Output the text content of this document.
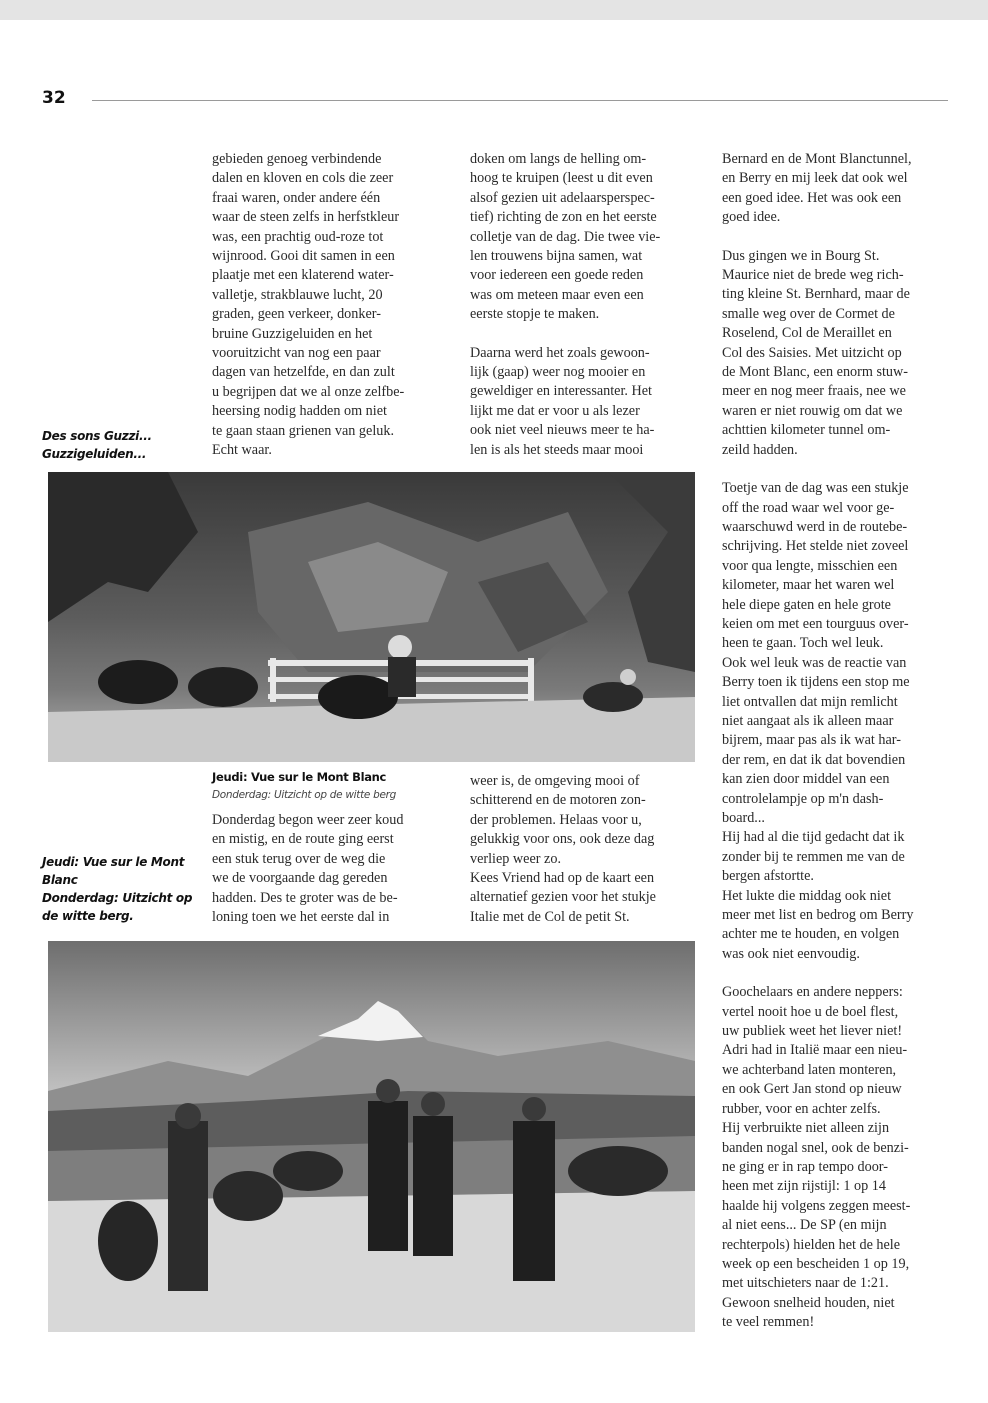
32
Des sons Guzzi...
Guzzigeluiden...

gebieden genoeg verbindende
dalen en kloven en cols die zeer
fraai waren, onder andere één
waar de steen zelfs in herfstkleur
was, een prachtig oud-roze tot
wijnrood. Gooi dit samen in een
plaatje met een klaterend water-
valletje, strakblauwe lucht, 20
graden, geen verkeer, donker-
bruine Guzzigeluiden en het
vooruitzicht van nog een paar
dagen van hetzelfde, en dan zult
u begrijpen dat we al onze zelfbe-
heersing nodig hadden om niet
te gaan staan grienen van geluk.
Echt waar.

doken om langs de helling om-
hoog te kruipen (leest u dit even
alsof gezien uit adelaarsperspec-
tief) richting de zon en het eerste
colletje van de dag. Die twee vie-
len trouwens bijna samen, wat
voor iedereen een goede reden
was om meteen maar even een
eerste stopje te maken.

Daarna werd het zoals gewoon-
lijk (gaap) weer nog mooier en
geweldiger en interessanter. Het
lijkt me dat er voor u als lezer
ook niet veel nieuws meer te ha-
len is als het steeds maar mooi

Bernard en de Mont Blanctunnel,
en Berry en mij leek dat ook wel
een goed idee. Het was ook een
goed idee.

Dus gingen we in Bourg St.
Maurice niet de brede weg rich-
ting kleine St. Bernhard, maar de
smalle weg over de Cormet de
Roselend, Col de Meraillet en
Col des Saisies. Met uitzicht op
de Mont Blanc, een enorm stuw-
meer en nog meer fraais, nee we
waren er niet rouwig om dat we
achttien kilometer tunnel om-
zeild hadden.

Toetje van de dag was een stukje
off the road waar wel voor ge-
waarschuwd werd in de routebe-
schrijving. Het stelde niet zoveel
voor qua lengte, misschien een
kilometer, maar het waren wel
hele diepe gaten en hele grote
keien om met een tourguus over-
heen te gaan. Toch wel leuk.
Ook wel leuk was de reactie van
Berry toen ik tijdens een stop me
liet ontvallen dat mijn remlicht
niet aangaat als ik alleen maar
bijrem, maar pas als ik wat har-
der rem, en dat ik dat bovendien
kan zien door middel van een
controlelampje op m'n dash-
board...
Hij had al die tijd gedacht dat ik
zonder bij te remmen me van de
bergen afstortte.
Het lukte die middag ook niet
meer met list en bedrog om Berry
achter me te houden, en volgen
was ook niet eenvoudig.

Goochelaars en andere neppers:
vertel nooit hoe u de boel flest,
uw publiek weet het liever niet!
Adri had in Italië maar een nieu-
we achterband laten monteren,
en ook Gert Jan stond op nieuw
rubber, voor en achter zelfs.
Hij verbruikte niet alleen zijn
banden nogal snel, ook de benzi-
ne ging er in rap tempo door-
heen met zijn rijstijl: 1 op 14
haalde hij volgens zeggen meest-
al niet eens... De SP (en mijn
rechterpols) hielden het de hele
week op een bescheiden 1 op 19,
met uitschieters naar de 1:21.
Gewoon snelheid houden, niet
te veel remmen!

Jeudi: Vue sur le Mont Blanc
Donderdag: Uitzicht op de witte berg
Jeudi: Vue sur le Mont
Blanc
Donderdag: Uitzicht op
de witte berg.

Donderdag begon weer zeer koud
en mistig, en de route ging eerst
een stuk terug over de weg die
we de voorgaande dag gereden
hadden. Des te groter was de be-
loning toen we het eerste dal in

weer is, de omgeving mooi of
schitterend en de motoren zon-
der problemen. Helaas voor u,
gelukkig voor ons, ook deze dag
verliep weer zo.
Kees Vriend had op de kaart een
alternatief gezien voor het stukje
Italie met de Col de petit St.
